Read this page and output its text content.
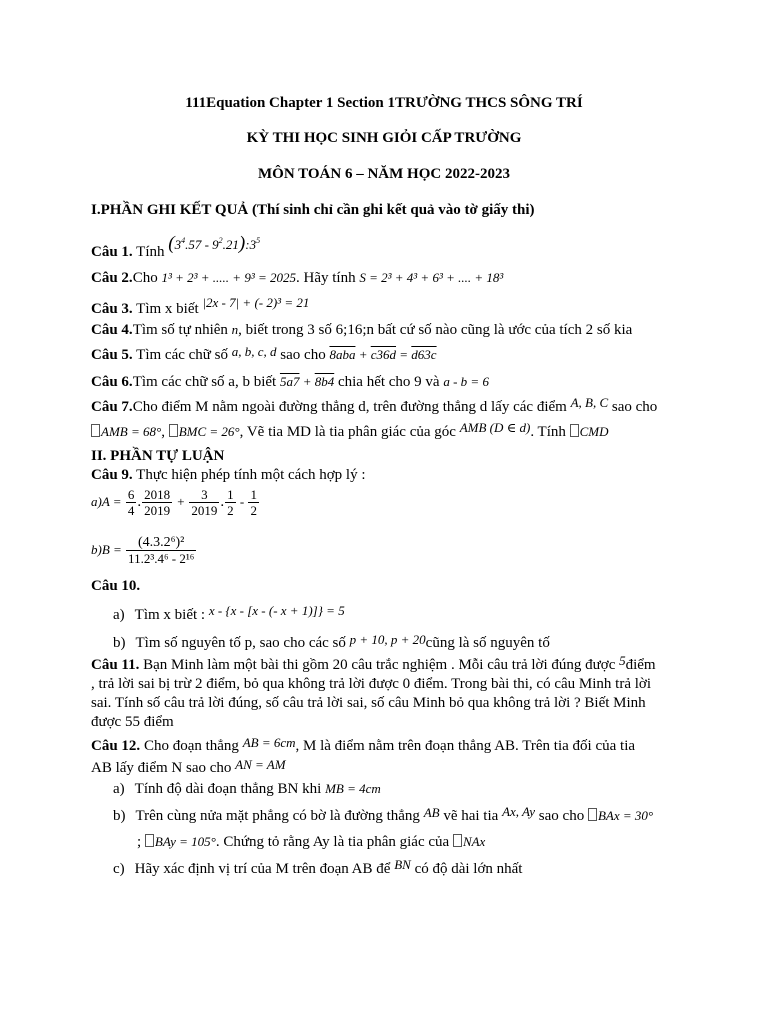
111Equation Chapter 1 Section 1TRƯỜNG THCS SÔNG TRÍ
KỲ THI HỌC SINH GIỎI CẤP TRƯỜNG
MÔN TOÁN 6 – NĂM HỌC 2022-2023
I.PHẦN GHI KẾT QUẢ (Thí sinh chỉ cần ghi kết quả vào tờ giấy thi)
Câu 1. Tính ($3^4.57$ - $9^2.21):3^5$
Câu 2.Cho 1³ + 2³ + ..... + 9³ = 2025. Hãy tính S = 2³ + 4³ + 6³ + .... + 18³
Câu 3. Tìm x biết |2x - 7| + (- 2)³ = 21
Câu 4.Tìm số tự nhiên n, biết trong 3 số 6;16;n bất cứ số nào cũng là ước của tích 2 số kia
Câu 5. Tìm các chữ số a, b, c, d sao cho 8aba + c36d = d63c
Câu 6.Tìm các chữ số a, b biết 5a7 + 8b4 chia hết cho 9 và a - b = 6
Câu 7.Cho điểm M nằm ngoài đường thẳng d, trên đường thẳng d lấy các điểm A, B, C sao cho
AMB = 68°, BMC = 26°, Vẽ tia MD là tia phân giác của góc AMB (D ∈ d). Tính CMD
II. PHẦN TỰ LUẬN
Câu 9. Thực hiện phép tính một cách hợp lý :
$a)A = \frac{6}{4}$ . $\frac{2018}{2019} + \frac{3}{2019}$ . $\frac{1}{2} - \frac{1}{2}$
$b)B = \frac{\text{(4.3.2⁶)²}}{\text{11.2³.4⁶ - 2¹⁶}}$
Câu 10.
a) Tìm x biết : x - {x - [x - (- x + 1)]} = 5
b) Tìm số nguyên tố p, sao cho các số p + 10, p + 20cũng là số nguyên tố
Câu 11. Bạn Minh làm một bài thi gồm 20 câu trắc nghiệm . Mỗi câu trả lời đúng được 5điểm
, trả lời sai bị trừ 2 điểm, bỏ qua không trả lời được 0 điểm. Trong bài thi, có câu Minh trả lời
sai. Tính số câu trả lời đúng, số câu trả lời sai, số câu Minh bỏ qua không trả lời ? Biết Minh
được 55 điểm
Câu 12. Cho đoạn thẳng AB = 6cm, M là điểm nằm trên đoạn thẳng AB. Trên tia đối của tia
AB lấy điểm N sao cho AN = AM
a) Tính độ dài đoạn thẳng BN khi MB = 4cm
b) Trên cùng nửa mặt phẳng có bờ là đường thẳng AB vẽ hai tia Ax, Ay sao cho BAx = 30°
; BAy = 105°. Chứng tỏ rằng Ay là tia phân giác của NAx
c) Hãy xác định vị trí của M trên đoạn AB để BN có độ dài lớn nhất
